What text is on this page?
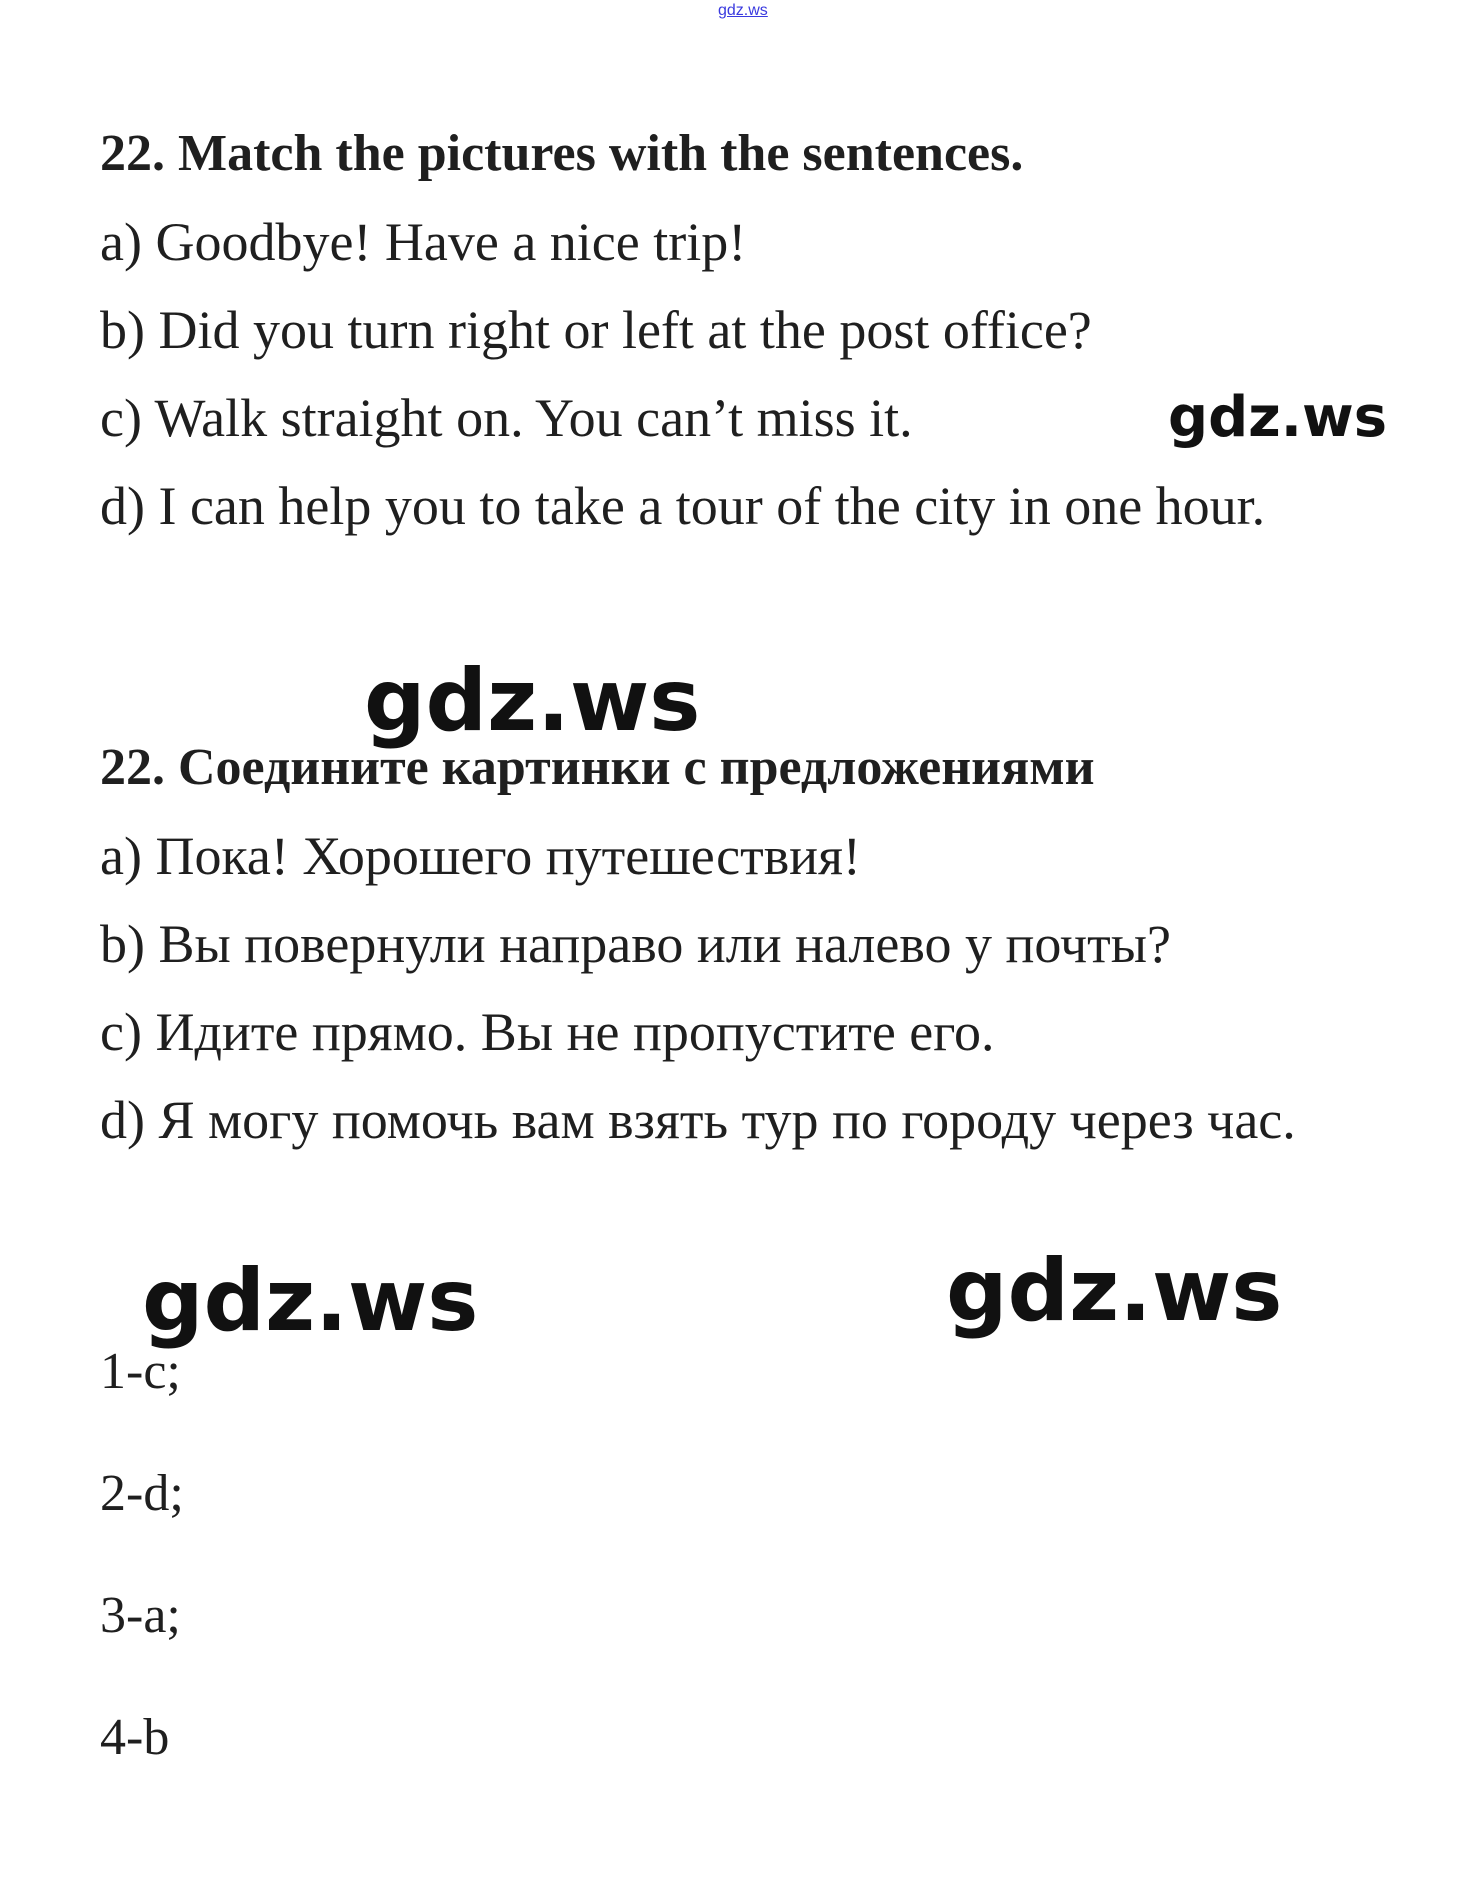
gdz.ws
22. Match the pictures with the sentences.
a) Goodbye! Have a nice trip!
b) Did you turn right or left at the post office?
c) Walk straight on. You can’t miss it.
d) I can help you to take a tour of the city in one hour.
22. Соедините картинки с предложениями
a) Пока! Хорошего путешествия!
b) Вы повернули направо или налево у почты?
c) Идите прямо. Вы не пропустите его.
d) Я могу помочь вам взять тур по городу через час.
1-c;
2-d;
3-a;
4-b
gdz.ws
gdz.ws
gdz.ws	gdz.ws
